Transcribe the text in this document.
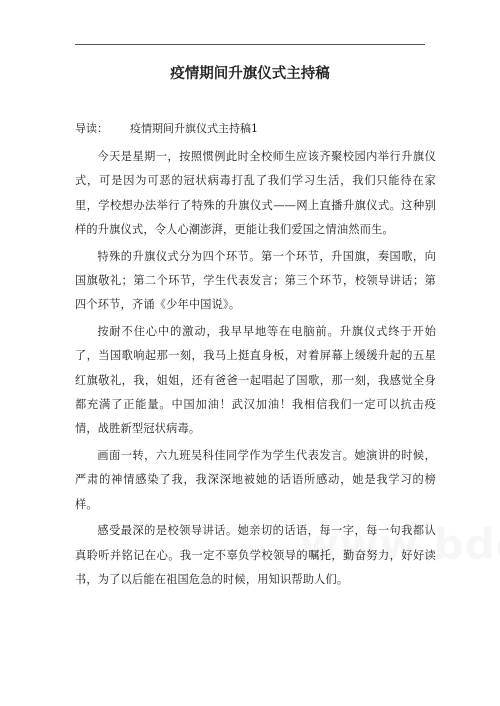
疫情期间升旗仪式主持稿
导读： 疫情期间升旗仪式主持稿1

今天是星期一，按照惯例此时全校师生应该齐聚校园内举行升旗仪式，可是因为可恶的冠状病毒打乱了我们学习生活，我们只能待在家里，学校想办法举行了特殊的升旗仪式——网上直播升旗仪式。这种别样的升旗仪式，令人心潮澎湃，更能让我们爱国之情油然而生。

特殊的升旗仪式分为四个环节。第一个环节，升国旗，奏国歌，向国旗敬礼；第二个环节，学生代表发言；第三个环节，校领导讲话；第四个环节，齐诵《少年中国说》。

按耐不住心中的激动，我早早地等在电脑前。升旗仪式终于开始了，当国歌响起那一刻，我马上挺直身板，对着屏幕上缓缓升起的五星红旗敬礼，我，姐姐，还有爸爸一起唱起了国歌，那一刻，我感觉全身都充满了正能量。中国加油！武汉加油！我相信我们一定可以抗击疫情，战胜新型冠状病毒。

画面一转，六九班吴科佳同学作为学生代表发言。她演讲的时候，严肃的神情感染了我，我深深地被她的话语所感动，她是我学习的榜样。

感受最深的是校领导讲话。她亲切的话语，每一字，每一句我都认真聆听并铭记在心。我一定不辜负学校领导的嘱托，勤奋努力，好好读书，为了以后能在祖国危急的时候，用知识帮助人们。
